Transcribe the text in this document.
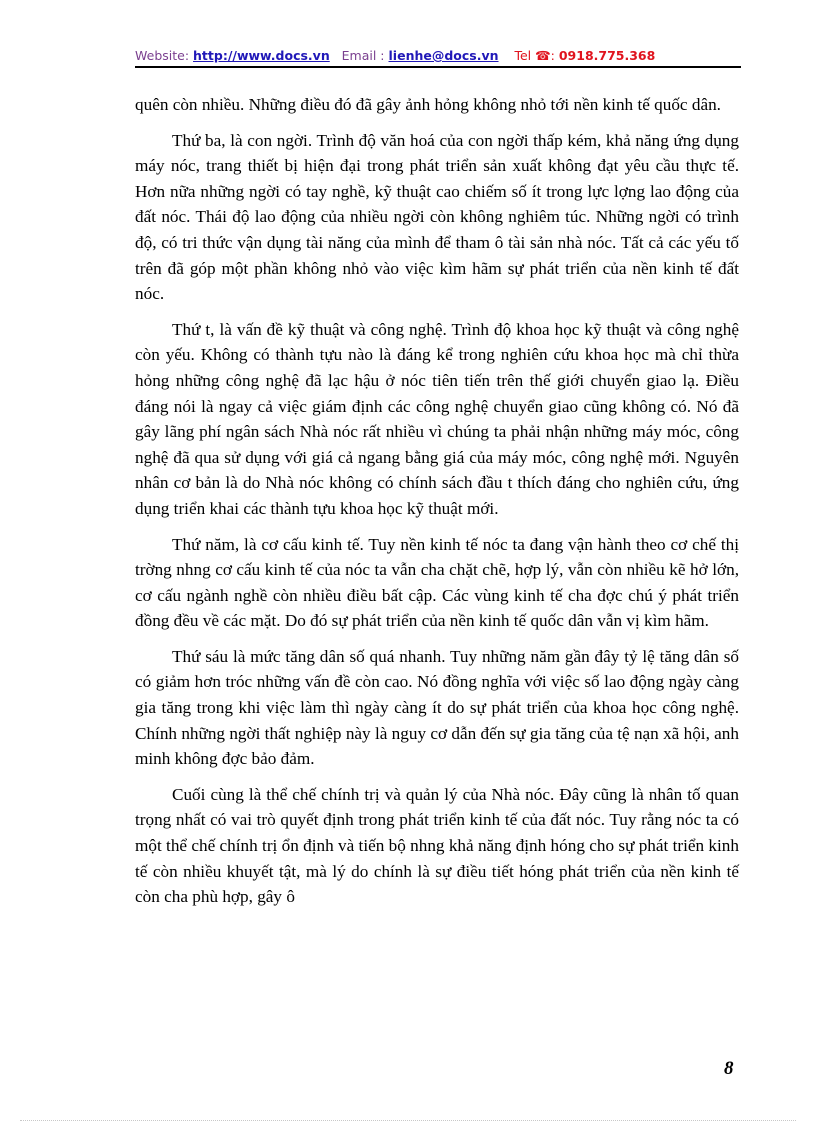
Website: http://www.docs.vn Email : lienhe@docs.vn Tel ☎: 0918.775.368

quên còn nhiều. Những điều đó đã gây ảnh hỏng không nhỏ tới nền kinh tế quốc dân.

Thứ ba, là con ngời. Trình độ văn hoá của con ngời thấp kém, khả năng ứng dụng máy nóc, trang thiết bị hiện đại trong phát triển sản xuất không đạt yêu cầu thực tế. Hơn nữa những ngời có tay nghề, kỹ thuật cao chiếm số ít trong lực lợng lao động của đất nóc. Thái độ lao động của nhiều ngời còn không nghiêm túc. Những ngời có trình độ, có tri thức vận dụng tài năng của mình để tham ô tài sản nhà nóc. Tất cả các yếu tố trên đã góp một phần không nhỏ vào việc kìm hãm sự phát triển của nền kinh tế đất nóc.

Thứ t, là vấn đề kỹ thuật và công nghệ. Trình độ khoa học kỹ thuật và công nghệ còn yếu. Không có thành tựu nào là đáng kể trong nghiên cứu khoa học mà chỉ thừa hỏng những công nghệ đã lạc hậu ở nóc tiên tiến trên thế giới chuyển giao lạ. Điều đáng nói là ngay cả việc giám định các công nghệ chuyển giao cũng không có. Nó đã gây lãng phí ngân sách Nhà nóc rất nhiều vì chúng ta phải nhận những máy móc, công nghệ đã qua sử dụng với giá cả ngang bằng giá của máy móc, công nghệ mới. Nguyên nhân cơ bản là do Nhà nóc không có chính sách đầu t thích đáng cho nghiên cứu, ứng dụng triển khai các thành tựu khoa học kỹ thuật mới.

Thứ năm, là cơ cấu kinh tế. Tuy nền kinh tế nóc ta đang vận hành theo cơ chế thị trờng nhng cơ cấu kinh tế của nóc ta vẫn cha chặt chẽ, hợp lý, vẫn còn nhiều kẽ hở lớn, cơ cấu ngành nghề còn nhiều điều bất cập. Các vùng kinh tế cha đợc chú ý phát triển đồng đều về các mặt. Do đó sự phát triển của nền kinh tế quốc dân vẫn vị kìm hãm.

Thứ sáu là mức tăng dân số quá nhanh. Tuy những năm gần đây tỷ lệ tăng dân số có giảm hơn tróc những vấn đề còn cao. Nó đồng nghĩa với việc số lao động ngày càng gia tăng trong khi việc làm thì ngày càng ít do sự phát triển của khoa học công nghệ. Chính những ngời thất nghiệp này là nguy cơ dẫn đến sự gia tăng của tệ nạn xã hội, anh minh không đợc bảo đảm.

Cuối cùng là thể chế chính trị và quản lý của Nhà nóc. Đây cũng là nhân tố quan trọng nhất có vai trò quyết định trong phát triển kinh tế của đất nóc. Tuy rằng nóc ta có một thể chế chính trị ổn định và tiến bộ nhng khả năng định hóng cho sự phát triển kinh tế còn nhiều khuyết tật, mà lý do chính là sự điều tiết hóng phát triển của nền kinh tế còn cha phù hợp, gây ô

8
